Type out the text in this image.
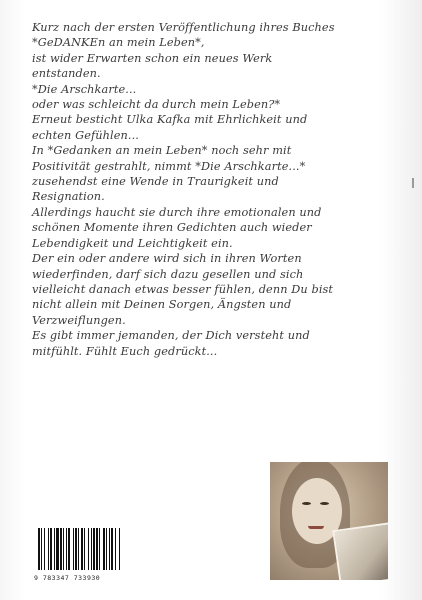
Kurz nach der ersten Veröffentlichung ihres Buches
*GeDANKEn an mein Leben*,
ist wider Erwarten schon ein neues Werk
entstanden.
*Die Arschkarte...
oder was schleicht da durch mein Leben?*
Erneut besticht Ulka Kafka mit Ehrlichkeit und
echten Gefühlen...
In *Gedanken an mein Leben* noch sehr mit
Positivität gestrahlt, nimmt *Die Arschkarte...*
zusehendst eine Wende in Traurigkeit und
Resignation.
Allerdings haucht sie durch ihre emotionalen und
schönen Momente ihren Gedichten auch wieder
Lebendigkeit und Leichtigkeit ein.
Der ein oder andere wird sich in ihren Worten
wiederfinden, darf sich dazu gesellen und sich
vielleicht danach etwas besser fühlen, denn Du bist
nicht allein mit Deinen Sorgen, Ängsten und
Verzweiflungen.
Es gibt immer jemanden, der Dich versteht und
mitfühlt. Fühlt Euch gedrückt...
9 783347 733930
